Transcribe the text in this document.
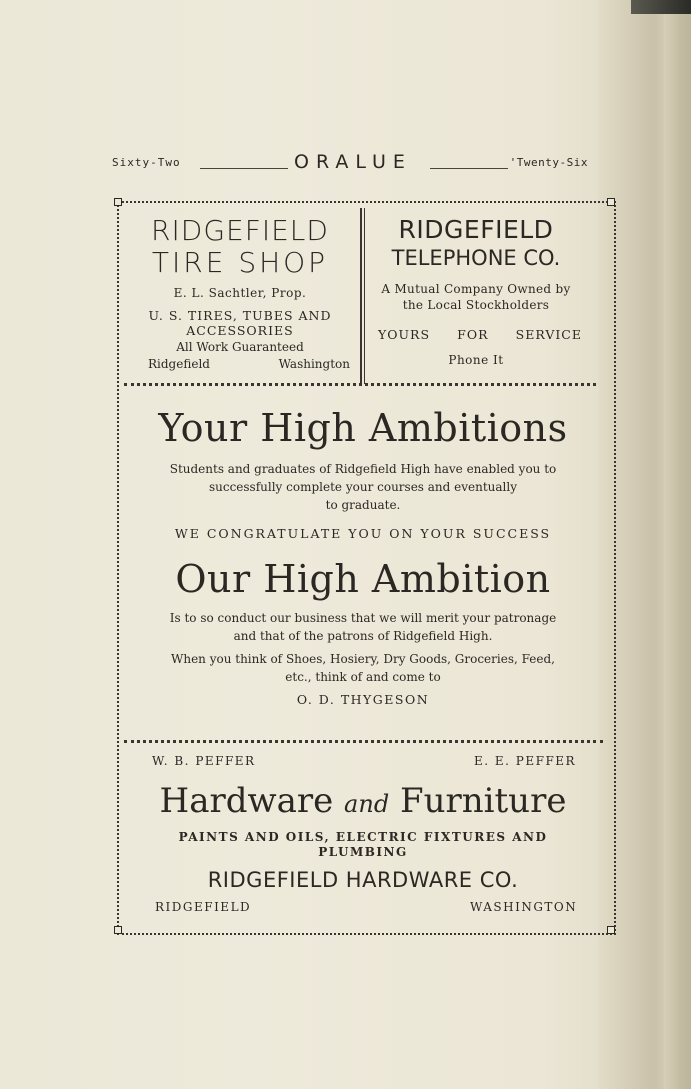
Sixty-Two	ORALUE	'Twenty-Six
RIDGEFIELD
TIRE SHOP
E. L. Sachtler, Prop.
U. S. TIRES, TUBES AND
ACCESSORIES
All Work Guaranteed
Ridgefield	Washington
RIDGEFIELD
TELEPHONE CO.
A Mutual Company Owned by
the Local Stockholders
YOURS FOR SERVICE
Phone It
Your High Ambitions
Students and graduates of Ridgefield High have enabled you to
successfully complete your courses and eventually
to graduate.
WE CONGRATULATE YOU ON YOUR SUCCESS
Our High Ambition
Is to so conduct our business that we will merit your patronage
and that of the patrons of Ridgefield High.
When you think of Shoes, Hosiery, Dry Goods, Groceries, Feed,
etc., think of and come to
O. D. THYGESON
W. B. PEFFER	E. E. PEFFER
Hardware and Furniture
PAINTS AND OILS, ELECTRIC FIXTURES AND
PLUMBING
RIDGEFIELD HARDWARE CO.
RIDGEFIELD	WASHINGTON
